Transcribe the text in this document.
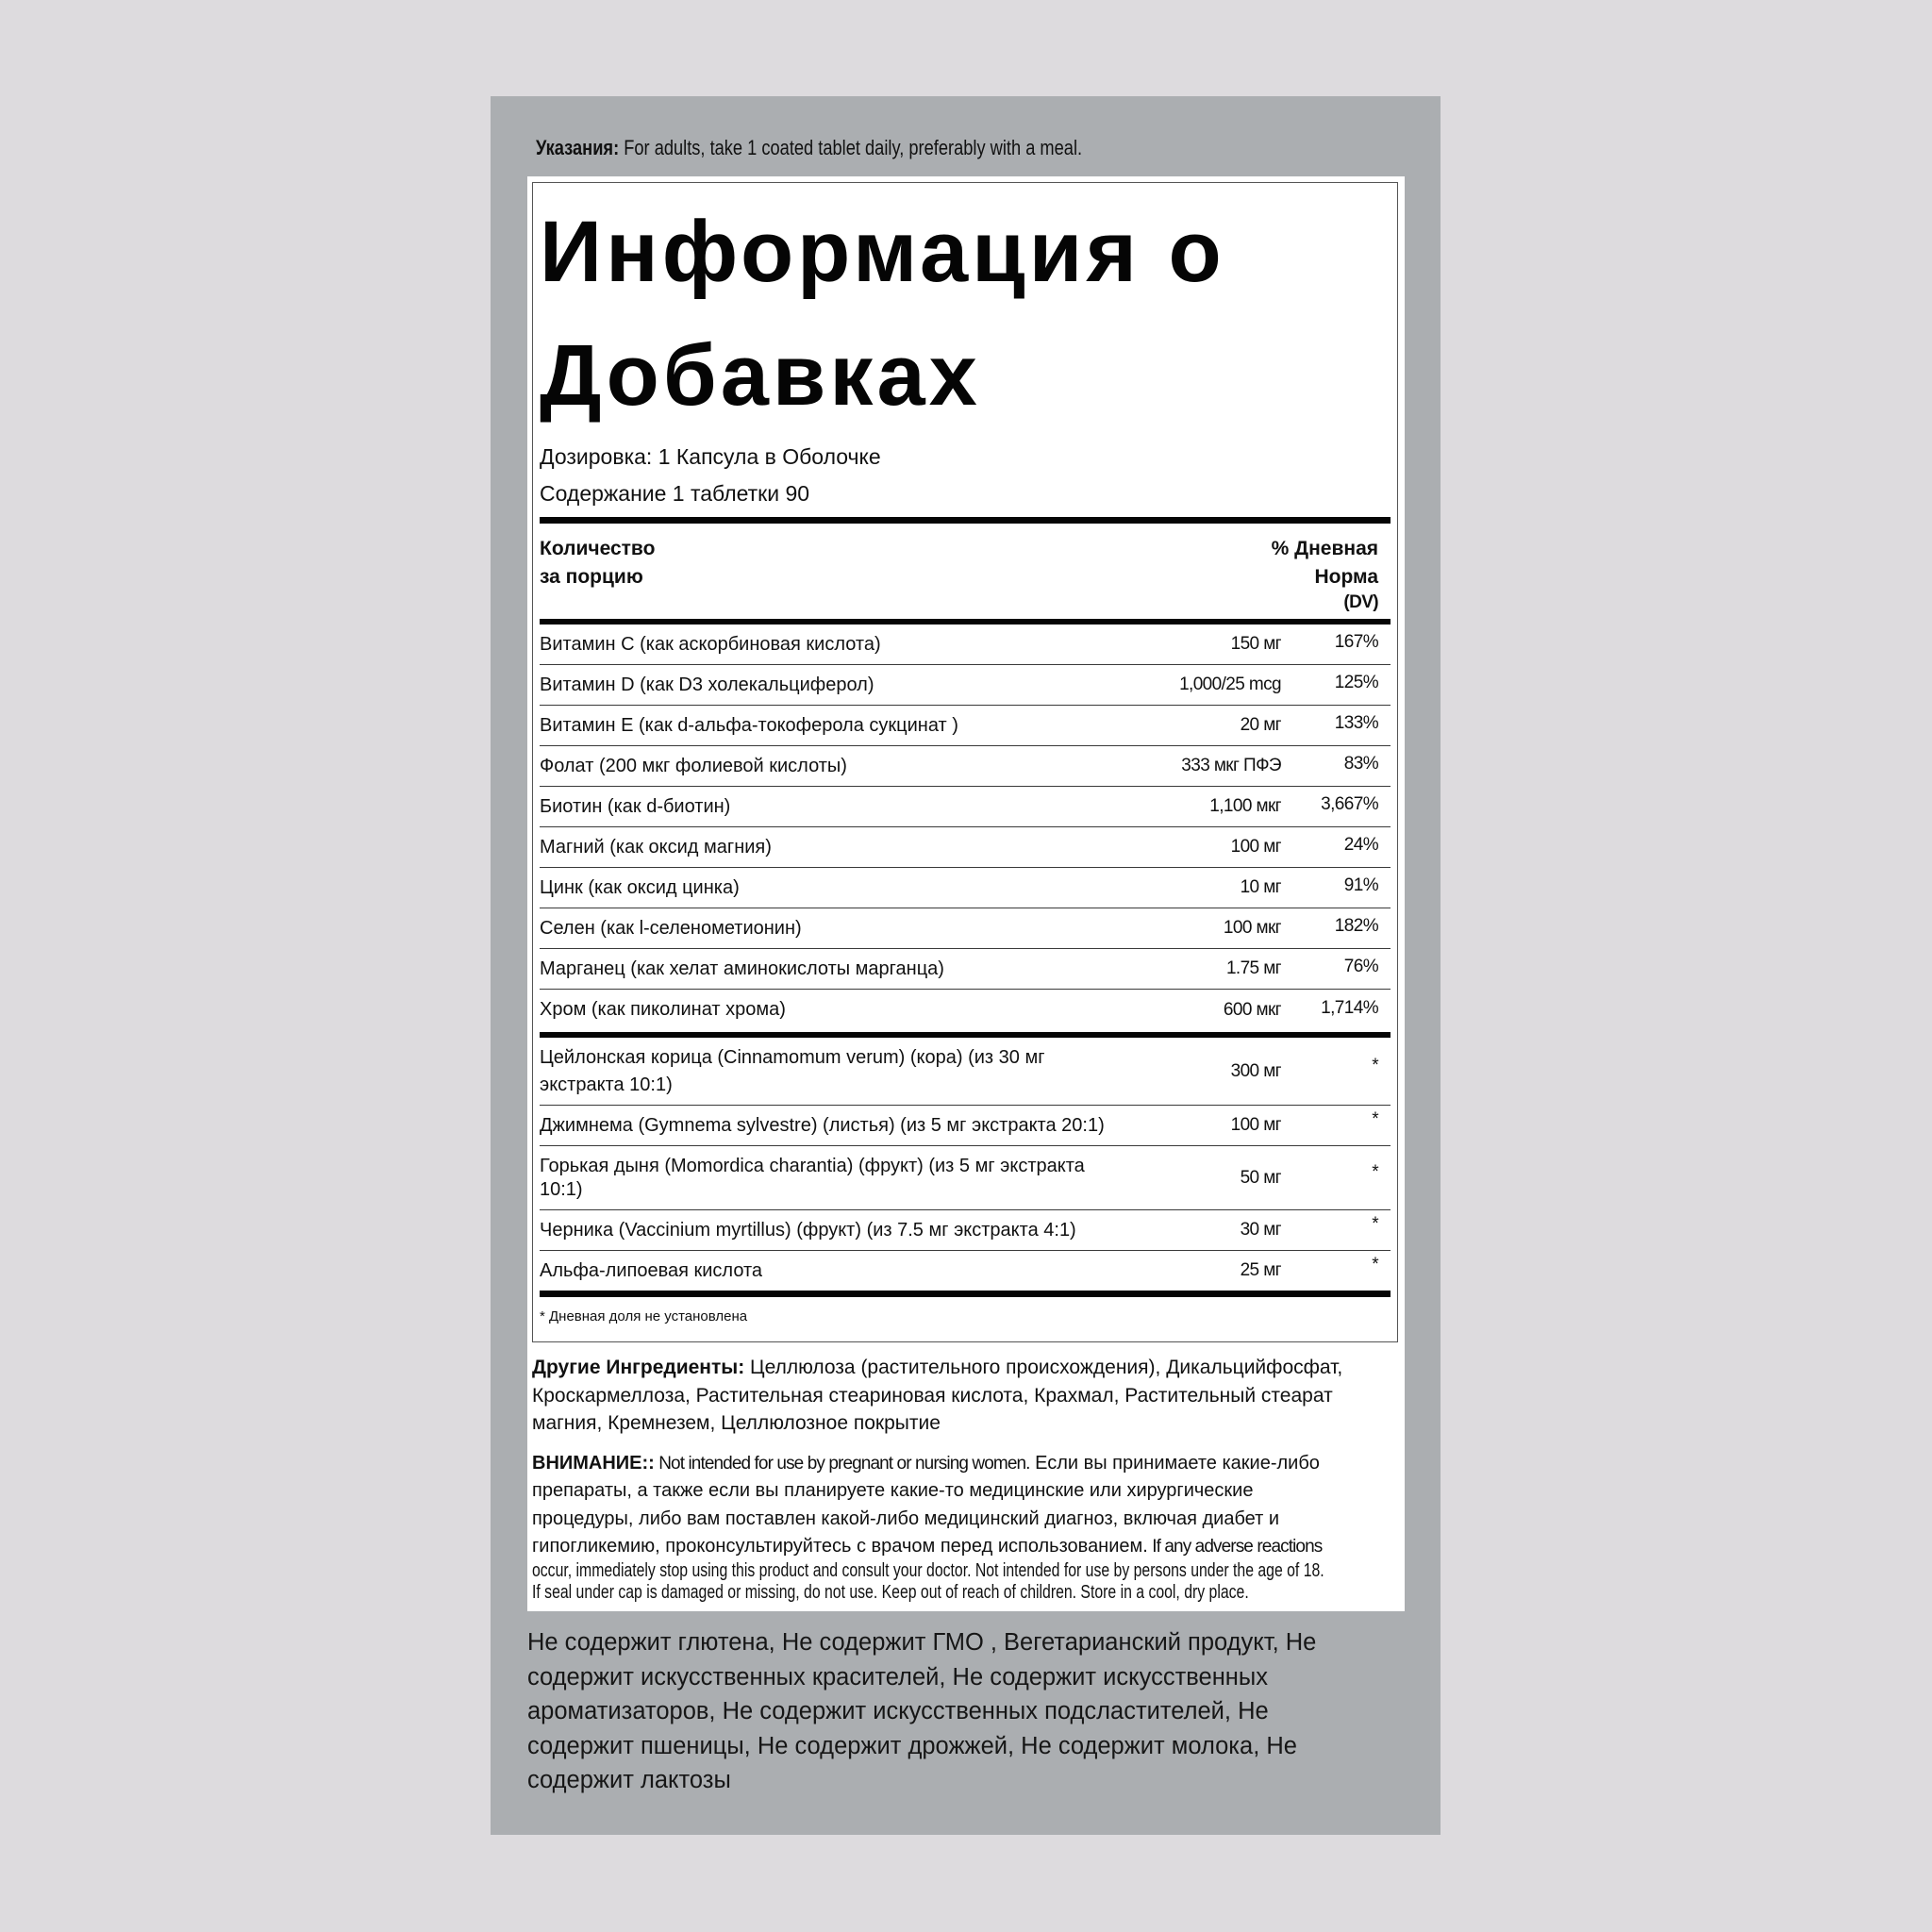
Указания: For adults, take 1 coated tablet daily, preferably with a meal.
Информация о
Добавках
Дозировка: 1 Капсула в Оболочке
Содержание 1 таблетки 90
Количество
за порцию
% Дневная
Норма
(DV)
Витамин C (как аскорбиновая кислота)	150 мг	167%
Витамин D (как D3 холекальциферол)	1,000/25 mcg	125%
Витамин E (как d-альфа-токоферола сукцинат )	20 мг	133%
Фолат (200 мкг фолиевой кислоты)	333 мкг ПФЭ	83%
Биотин (как d-биотин)	1,100 мкг	3,667%
Магний (как оксид магния)	100 мг	24%
Цинк (как оксид цинка)	10 мг	91%
Селен (как l-селенометионин)	100 мкг	182%
Марганец (как хелат аминокислоты марганца)	1.75 мг	76%
Хром (как пиколинат хрома)	600 мкг	1,714%
Цейлонская корица (Cinnamomum verum) (кора) (из 30 мг
экстракта 10:1)
300 мг	*
Джимнема (Gymnema sylvestre) (листья) (из 5 мг экстракта 20:1)	100 мг	*
Горькая дыня (Momordica charantia) (фрукт) (из 5 мг экстракта
10:1)
50 мг	*
Черника (Vaccinium myrtillus) (фрукт) (из 7.5 мг экстракта 4:1)	30 мг	*
Альфа-липоевая кислота	25 мг	*
* Дневная доля не установлена
Другие Ингредиенты: Целлюлоза (растительного происхождения), Дикальцийфосфат,
Кроскармеллоза, Растительная стеариновая кислота, Крахмал, Растительный стеарат
магния, Кремнезем, Целлюлозное покрытие
ВНИМАНИЕ:: Not intended for use by pregnant or nursing women. Если вы принимаете какие-либо
препараты, а также если вы планируете какие-то медицинские или хирургические
процедуры, либо вам поставлен какой-либо медицинский диагноз, включая диабет и
гипогликемию, проконсультируйтесь с врачом перед использованием. If any adverse reactions
occur, immediately stop using this product and consult your doctor. Not intended for use by persons under the age of 18.
If seal under cap is damaged or missing, do not use. Keep out of reach of children. Store in a cool, dry place.
Не содержит глютена, Не содержит ГМО , Вегетарианский продукт, Не
содержит искусственных красителей, Не содержит искусственных
ароматизаторов, Не содержит искусственных подсластителей, Не
содержит пшеницы, Не содержит дрожжей, Не содержит молока, Не
содержит лактозы
